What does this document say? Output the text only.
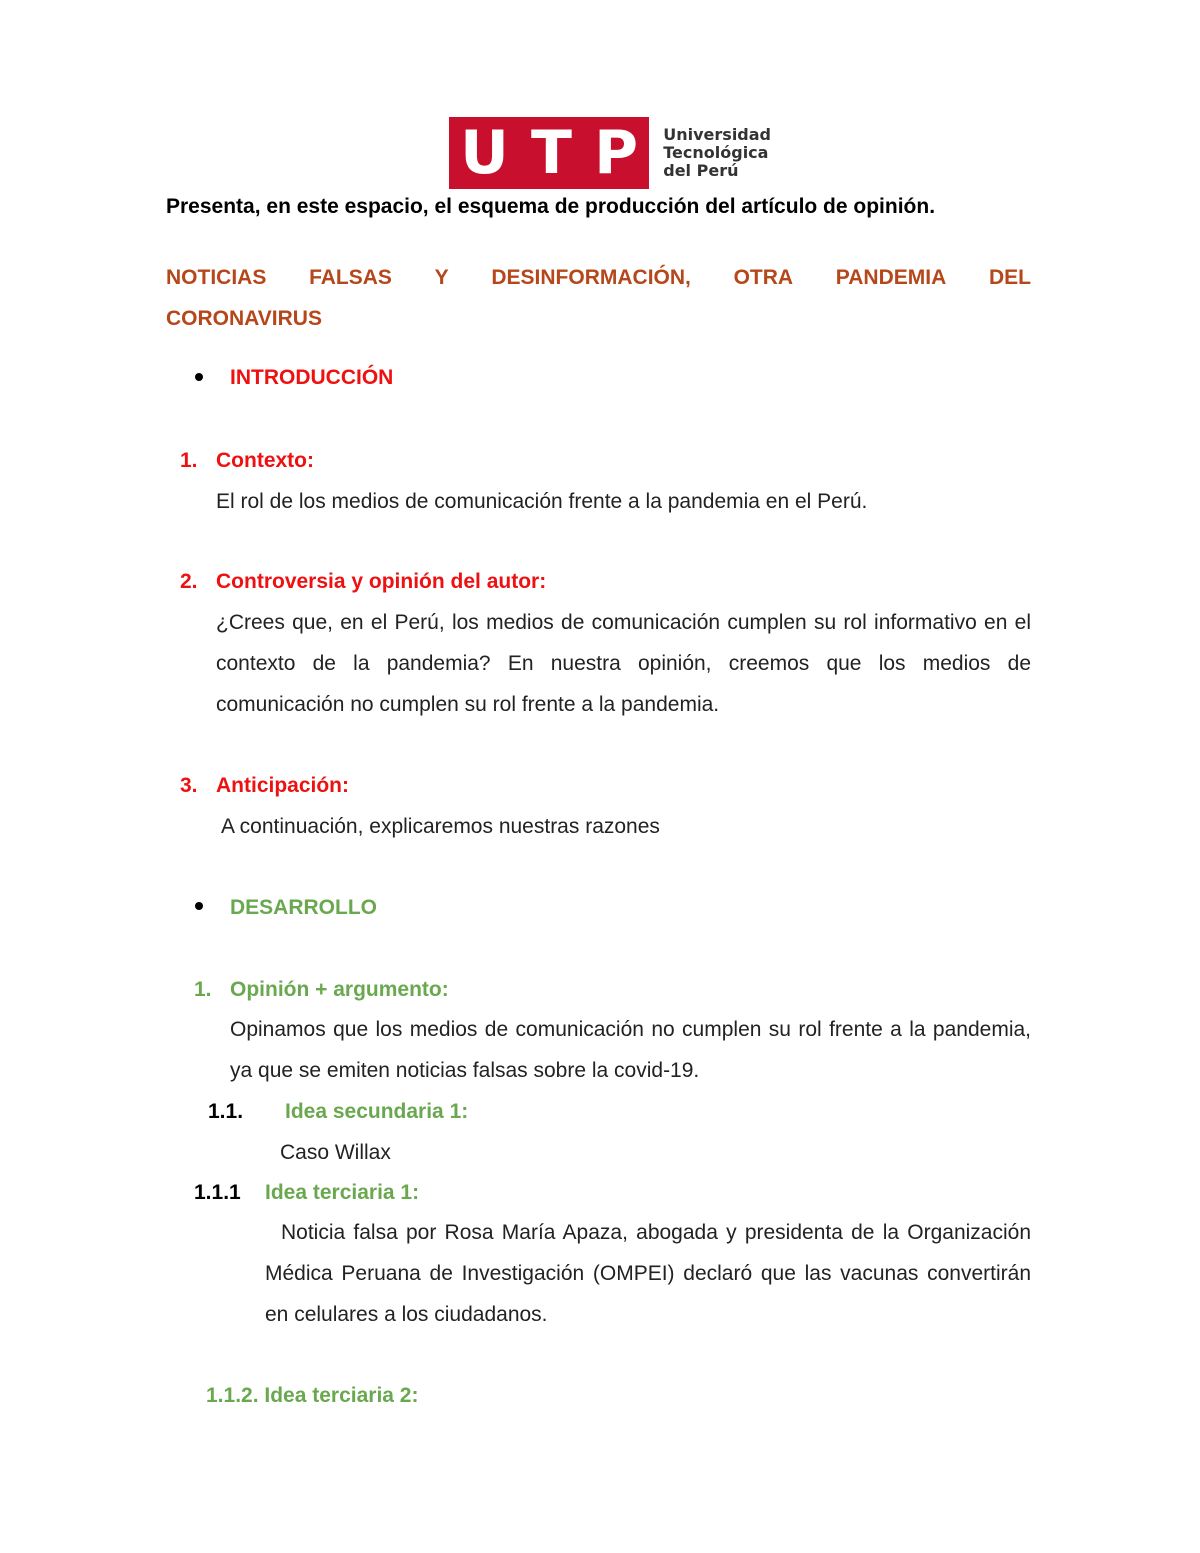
U T P Universidad
Tecnológica
del Perú

Presenta, en este espacio, el esquema de producción del artículo de opinión.

NOTICIAS FALSAS Y DESINFORMACIÓN, OTRA PANDEMIA DEL
CORONAVIRUS

INTRODUCCIÓN

1. Contexto:

El rol de los medios de comunicación frente a la pandemia en el Perú.

2. Controversia y opinión del autor:

¿Crees que, en el Perú, los medios de comunicación cumplen su rol informativo en el contexto de la pandemia? En nuestra opinión, creemos que los medios de comunicación no cumplen su rol frente a la pandemia.

3. Anticipación:

A continuación, explicaremos nuestras razones

DESARROLLO

1. Opinión + argumento:

Opinamos que los medios de comunicación no cumplen su rol frente a la pandemia, ya que se emiten noticias falsas sobre la covid-19.

1.1. Idea secundaria 1:

Caso Willax

1.1.1 Idea terciaria 1:

Noticia falsa por Rosa María Apaza, abogada y presidenta de la Organización Médica Peruana de Investigación (OMPEI) declaró que las vacunas convertirán en celulares a los ciudadanos.

1.1.2. Idea terciaria 2:
